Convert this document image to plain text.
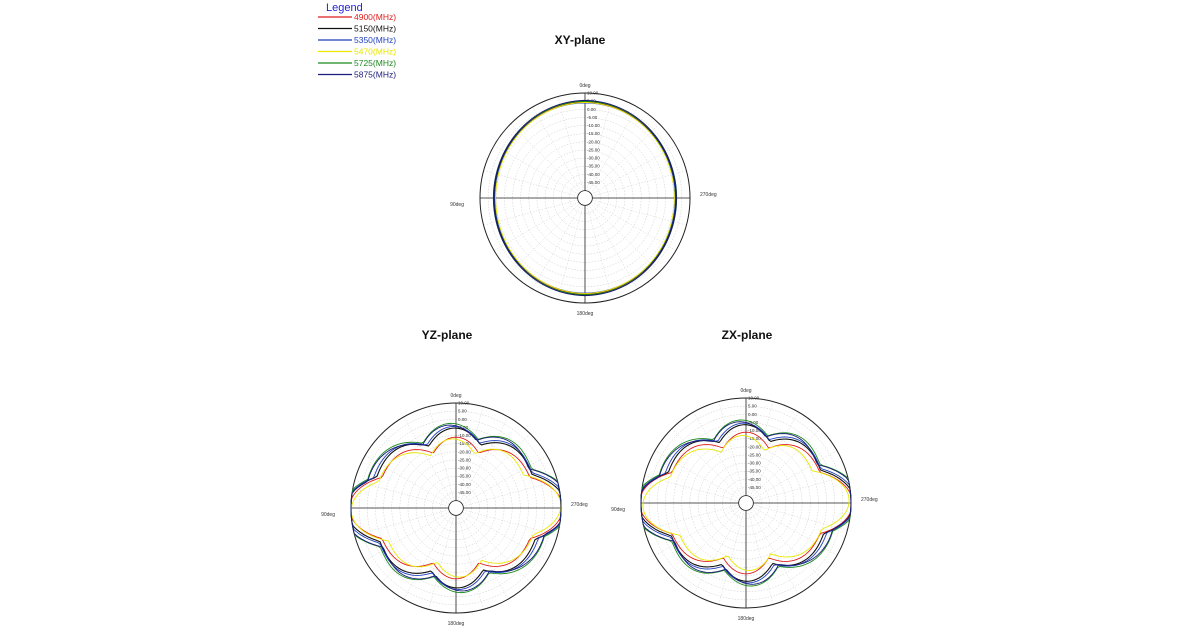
Legend
4900(MHz)
5150(MHz)
5350(MHz)
5470(MHz)
5725(MHz)
5875(MHz)
XY-plane
10.00
5.00
0.00
-5.00
-10.00
-15.00
-20.00
-25.00
-30.00
-35.00
-40.00
-45.00
0deg
90deg
180deg
270deg
YZ-plane
10.00
5.00
0.00
-5.00
-10.00
-15.00
-20.00
-25.00
-30.00
-35.00
-40.00
-45.00
0deg
90deg
180deg
270deg
ZX-plane
10.00
5.00
0.00
-5.00
-10.00
-15.00
-20.00
-25.00
-30.00
-35.00
-40.00
-45.00
0deg
90deg
180deg
270deg
